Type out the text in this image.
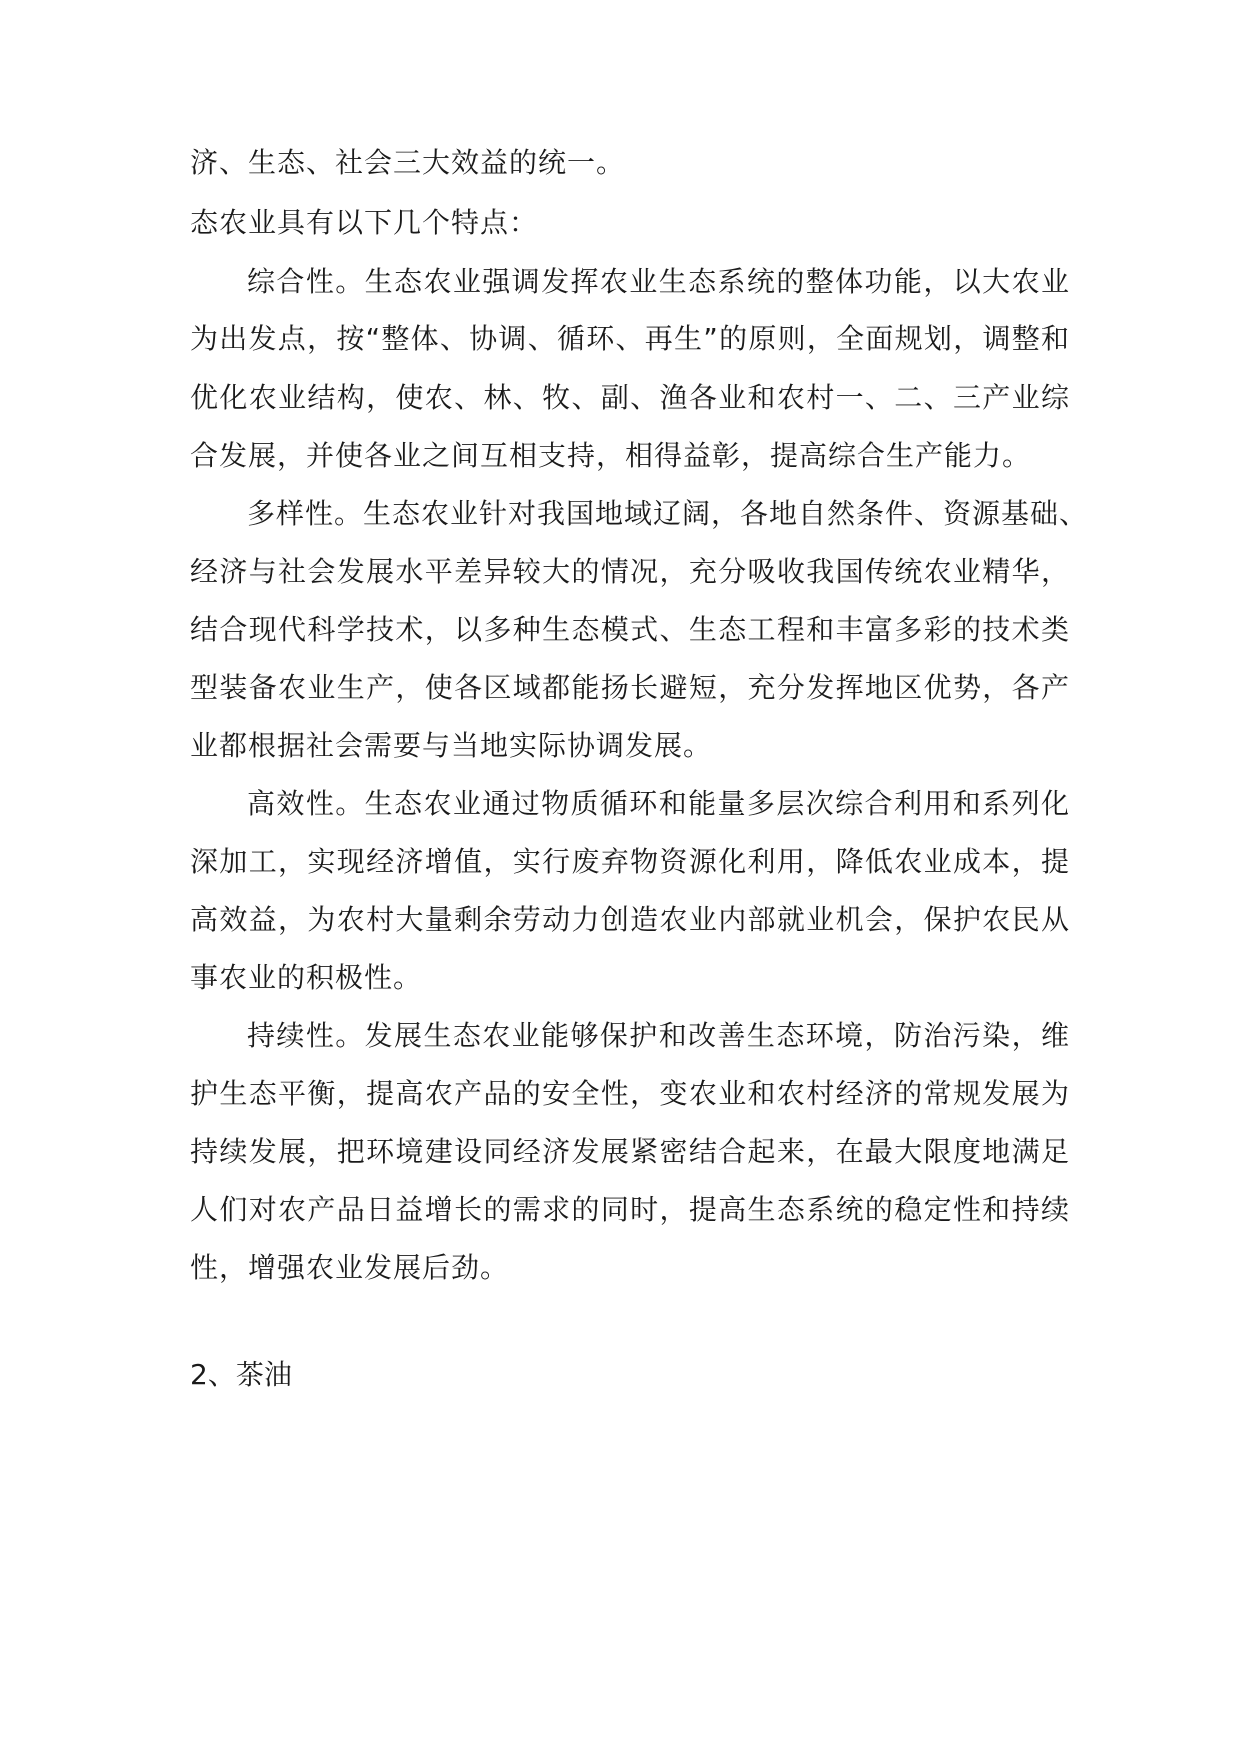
济、生态、社会三大效益的统一。
态农业具有以下几个特点：
综合性。生态农业强调发挥农业生态系统的整体功能，以大农业
为出发点，按“整体、协调、循环、再生”的原则，全面规划，调整和
优化农业结构，使农、林、牧、副、渔各业和农村一、二、三产业综
合发展，并使各业之间互相支持，相得益彰，提高综合生产能力。
多样性。生态农业针对我国地域辽阔，各地自然条件、资源基础、
经济与社会发展水平差异较大的情况，充分吸收我国传统农业精华，
结合现代科学技术，以多种生态模式、生态工程和丰富多彩的技术类
型装备农业生产，使各区域都能扬长避短，充分发挥地区优势，各产
业都根据社会需要与当地实际协调发展。
高效性。生态农业通过物质循环和能量多层次综合利用和系列化
深加工，实现经济增值，实行废弃物资源化利用，降低农业成本，提
高效益，为农村大量剩余劳动力创造农业内部就业机会，保护农民从
事农业的积极性。
持续性。发展生态农业能够保护和改善生态环境，防治污染，维
护生态平衡，提高农产品的安全性，变农业和农村经济的常规发展为
持续发展，把环境建设同经济发展紧密结合起来，在最大限度地满足
人们对农产品日益增长的需求的同时，提高生态系统的稳定性和持续
性，增强农业发展后劲。
2、茶油
